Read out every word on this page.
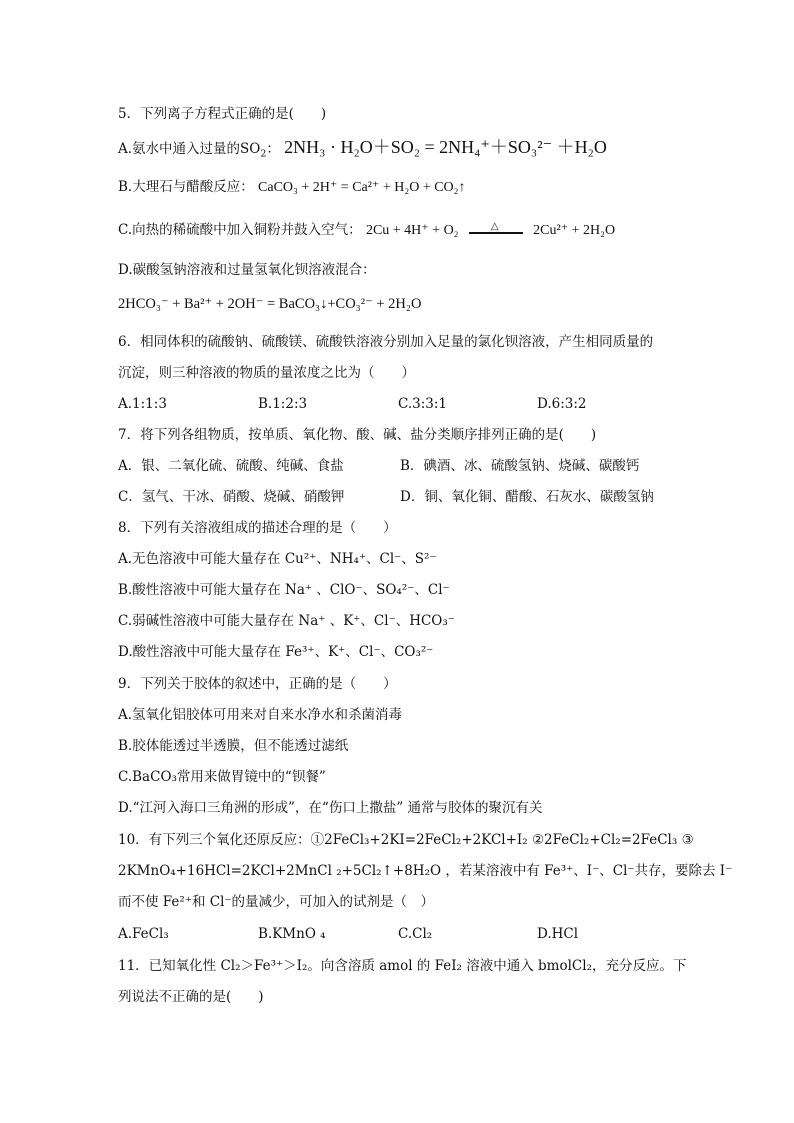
5．下列离子方程式正确的是(　　)
A.氨水中通入过量的$SO_2$： 2NH₃ · H₂O＋SO₂ = 2NH₄⁺＋SO₃²⁻ ＋H₂O
B.大理石与醋酸反应： CaCO₃ + 2H⁺ = Ca²⁺ + H₂O + CO₂↑
C.向热的稀硫酸中加入铜粉并鼓入空气： 2Cu + 4H⁺ + O₂	△ 2Cu²⁺ + 2H₂O
D.碳酸氢钠溶液和过量氢氧化钡溶液混合：
2HCO₃⁻ + Ba²⁺ + 2OH⁻ = BaCO₃↓+CO₃²⁻ + 2H₂O
6．相同体积的硫酸钠、硫酸镁、硫酸铁溶液分别加入足量的氯化钡溶液，产生相同质量的
沉淀，则三种溶液的物质的量浓度之比为（　　）
A.1:1:3	B.1:2:3	C.3:3:1	D.6:3:2
7．将下列各组物质，按单质、氧化物、酸、碱、盐分类顺序排列正确的是(　　)
A．银、二氧化硫、硫酸、纯碱、食盐	B．碘酒、冰、硫酸氢钠、烧碱、碳酸钙
C．氢气、干冰、硝酸、烧碱、硝酸钾	D．铜、氧化铜、醋酸、石灰水、碳酸氢钠
8．下列有关溶液组成的描述合理的是（　　）
A.无色溶液中可能大量存在 Cu²⁺、NH₄⁺、Cl⁻、S²⁻
B.酸性溶液中可能大量存在 Na⁺ 、ClO⁻、SO₄²⁻、Cl⁻
C.弱碱性溶液中可能大量存在 Na⁺ 、K⁺、Cl⁻、HCO₃⁻
D.酸性溶液中可能大量存在 Fe³⁺、K⁺、Cl⁻、CO₃²⁻
9．下列关于胶体的叙述中，正确的是（　　）
A.氢氧化铝胶体可用来对自来水净水和杀菌消毒
B.胶体能透过半透膜，但不能透过滤纸
C.BaCO₃常用来做胃镜中的“钡餐”
D.“江河入海口三角洲的形成”，在“伤口上撒盐” 通常与胶体的聚沉有关
10．有下列三个氧化还原反应：①2FeCl₃+2KI=2FeCl₂+2KCl+I₂ ②2FeCl₂+Cl₂=2FeCl₃ ③
2KMnO₄+16HCl=2KCl+2MnCl ₂+5Cl₂↑+8H₂O ，若某溶液中有 Fe³⁺、I⁻、Cl⁻共存，要除去 I⁻
而不使 Fe²⁺和 Cl⁻的量减少，可加入的试剂是（　）
A.FeCl₃	B.KMnO ₄	C.Cl₂	D.HCl
11．已知氧化性 Cl₂＞Fe³⁺＞I₂。向含溶质 amol 的 FeI₂ 溶液中通入 bmolCl₂，充分反应。下
列说法不正确的是(　　)
